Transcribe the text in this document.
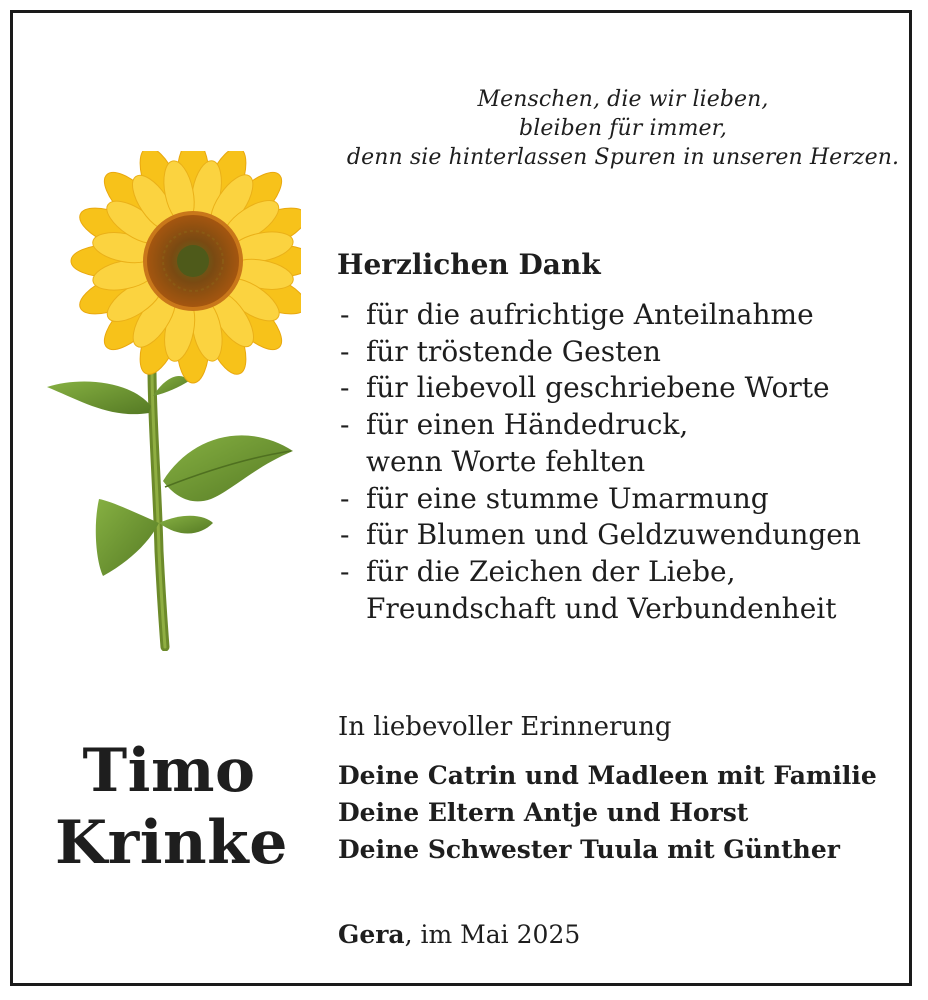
Menschen, die wir lieben,
bleiben für immer,
denn sie hinterlassen Spuren in unseren Herzen.
Herzlichen Dank
- für die aufrichtige Anteilnahme
- für tröstende Gesten
- für liebevoll geschriebene Worte
- für einen Händedruck,
wenn Worte fehlten
- für eine stumme Umarmung
- für Blumen und Geldzuwendungen
- für die Zeichen der Liebe,
Freundschaft und Verbundenheit
Timo
Krinke
In liebevoller Erinnerung
Deine Catrin und Madleen mit Familie
Deine Eltern Antje und Horst
Deine Schwester Tuula mit Günther
Gera, im Mai 2025
